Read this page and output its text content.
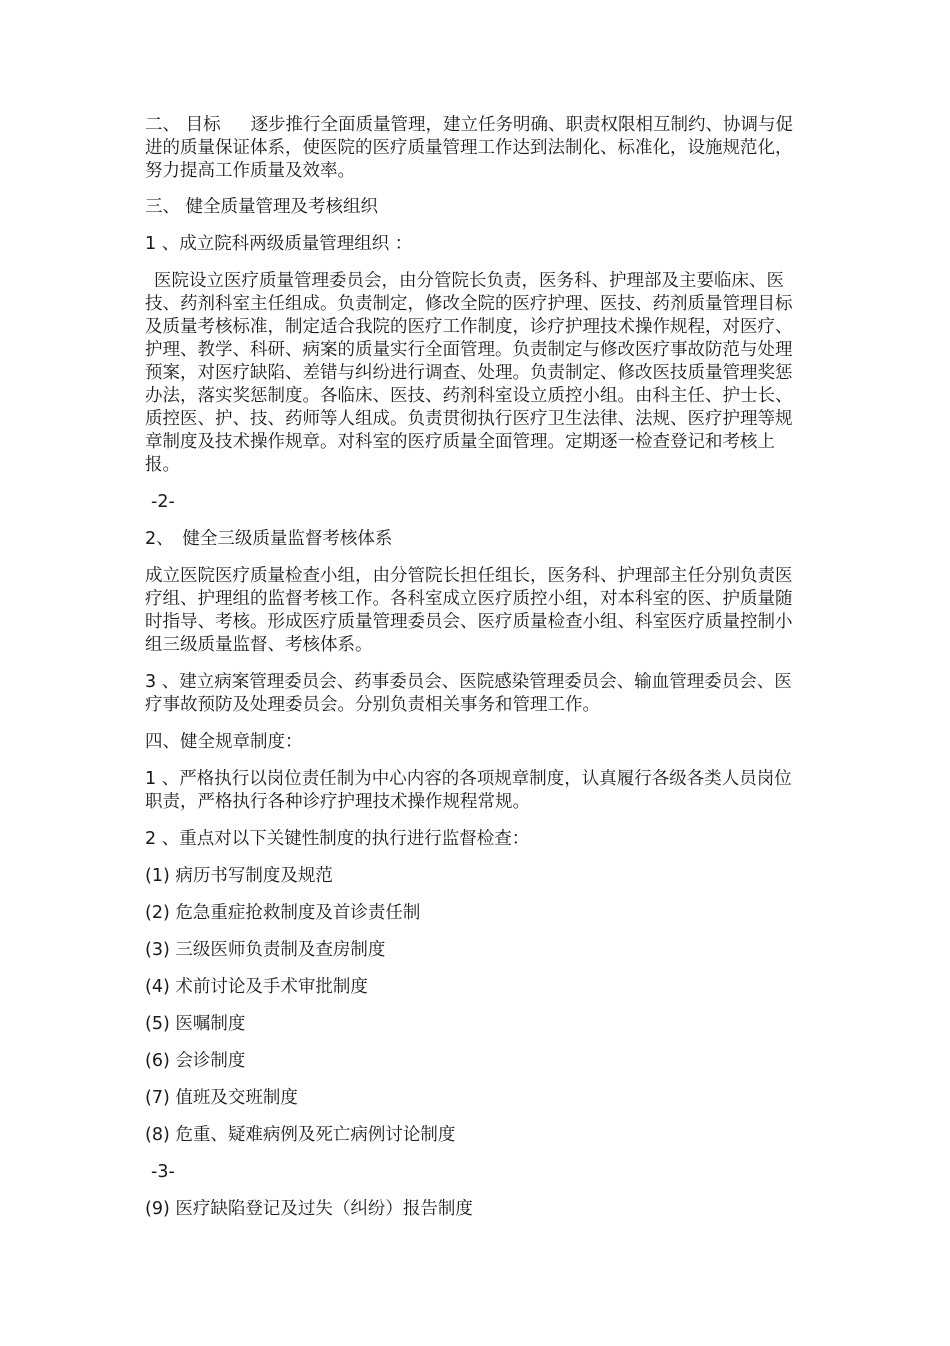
二、 目标 逐步推行全面质量管理，建立任务明确、职责权限相互制约、协调与促进的质量保证体系，使医院的医疗质量管理工作达到法制化、标准化，设施规范化，努力提高工作质量及效率。

三、 健全质量管理及考核组织

1 、成立院科两级质量管理组织 ：

医院设立医疗质量管理委员会，由分管院长负责，医务科、护理部及主要临床、医技、药剂科室主任组成。负责制定，修改全院的医疗护理、医技、药剂质量管理目标及质量考核标准，制定适合我院的医疗工作制度，诊疗护理技术操作规程，对医疗、护理、教学、科研、病案的质量实行全面管理。负责制定与修改医疗事故防范与处理预案，对医疗缺陷、差错与纠纷进行调查、处理。负责制定、修改医技质量管理奖惩办法，落实奖惩制度。各临床、医技、药剂科室设立质控小组。由科主任、护士长、质控医、护、技、药师等人组成。负责贯彻执行医疗卫生法律、法规、医疗护理等规章制度及技术操作规章。对科室的医疗质量全面管理。定期逐一检查登记和考核上报。

-2-

2、　健全三级质量监督考核体系

成立医院医疗质量检查小组，由分管院长担任组长，医务科、护理部主任分别负责医疗组、护理组的监督考核工作。各科室成立医疗质控小组，对本科室的医、护质量随时指导、考核。形成医疗质量管理委员会、医疗质量检查小组、科室医疗质量控制小组三级质量监督、考核体系。

3 、建立病案管理委员会、药事委员会、医院感染管理委员会、输血管理委员会、医疗事故预防及处理委员会。分别负责相关事务和管理工作。

四、健全规章制度：

1 、严格执行以岗位责任制为中心内容的各项规章制度，认真履行各级各类人员岗位职责，严格执行各种诊疗护理技术操作规程常规。

2 、重点对以下关键性制度的执行进行监督检查：

(1) 病历书写制度及规范

(2) 危急重症抢救制度及首诊责任制

(3) 三级医师负责制及查房制度

(4) 术前讨论及手术审批制度

(5) 医嘱制度

(6) 会诊制度

(7) 值班及交班制度

(8) 危重、疑难病例及死亡病例讨论制度

-3-

(9) 医疗缺陷登记及过失（纠纷）报告制度
